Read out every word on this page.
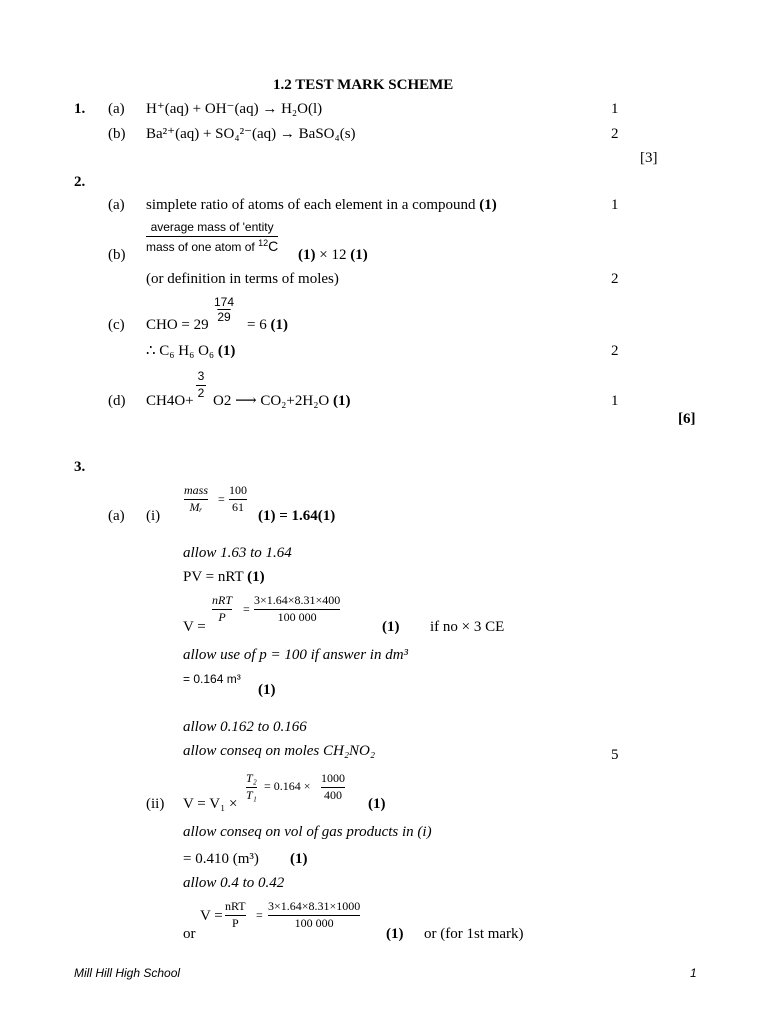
1.2 TEST MARK SCHEME
1. (a) H⁺(aq) + OH⁻(aq) → H₂O(l)	1
(b) Ba²⁺(aq) + SO₄²⁻(aq) → BaSO₄(s)	2
[3]
2.
(a) simplete ratio of atoms of each element in a compound (1)	1
(b)
average mass of 'entity
mass of one atom of $^{12}$C
(1) × 12 (1)
(or definition in terms of moles)	2
(c) CHO = 29
$\frac{174}{29}$
= 6 (1)
∴ C₆ H₆ O₆ (1)	2
(d) CH4O+
3
2
O2 ⟶ CO₂+2H₂O (1)	1
[6]
3.
(a) (i)
mass
Mᵣ
=
100
61
(1) = 1.64(1)
allow 1.63 to 1.64
PV = nRT (1)
V =
nRT
P
=
3×1.64×8.31×400
100 000
(1) if no × 3 CE
allow use of p = 100 if answer in dm³
= 0.164 m³
(1)
allow 0.162 to 0.166
allow conseq on moles CH₂NO₂	5
(ii) V = V₁ ×
T₂
T₁
= 0.164 ×
1000
400
(1)
allow conseq on vol of gas products in (i)
= 0.410 (m³) (1)
allow 0.4 to 0.42
or
V =
nRT
P
=
3×1.64×8.31×1000
100 000
(1) or (for 1st mark)
Mill Hill High School	1
